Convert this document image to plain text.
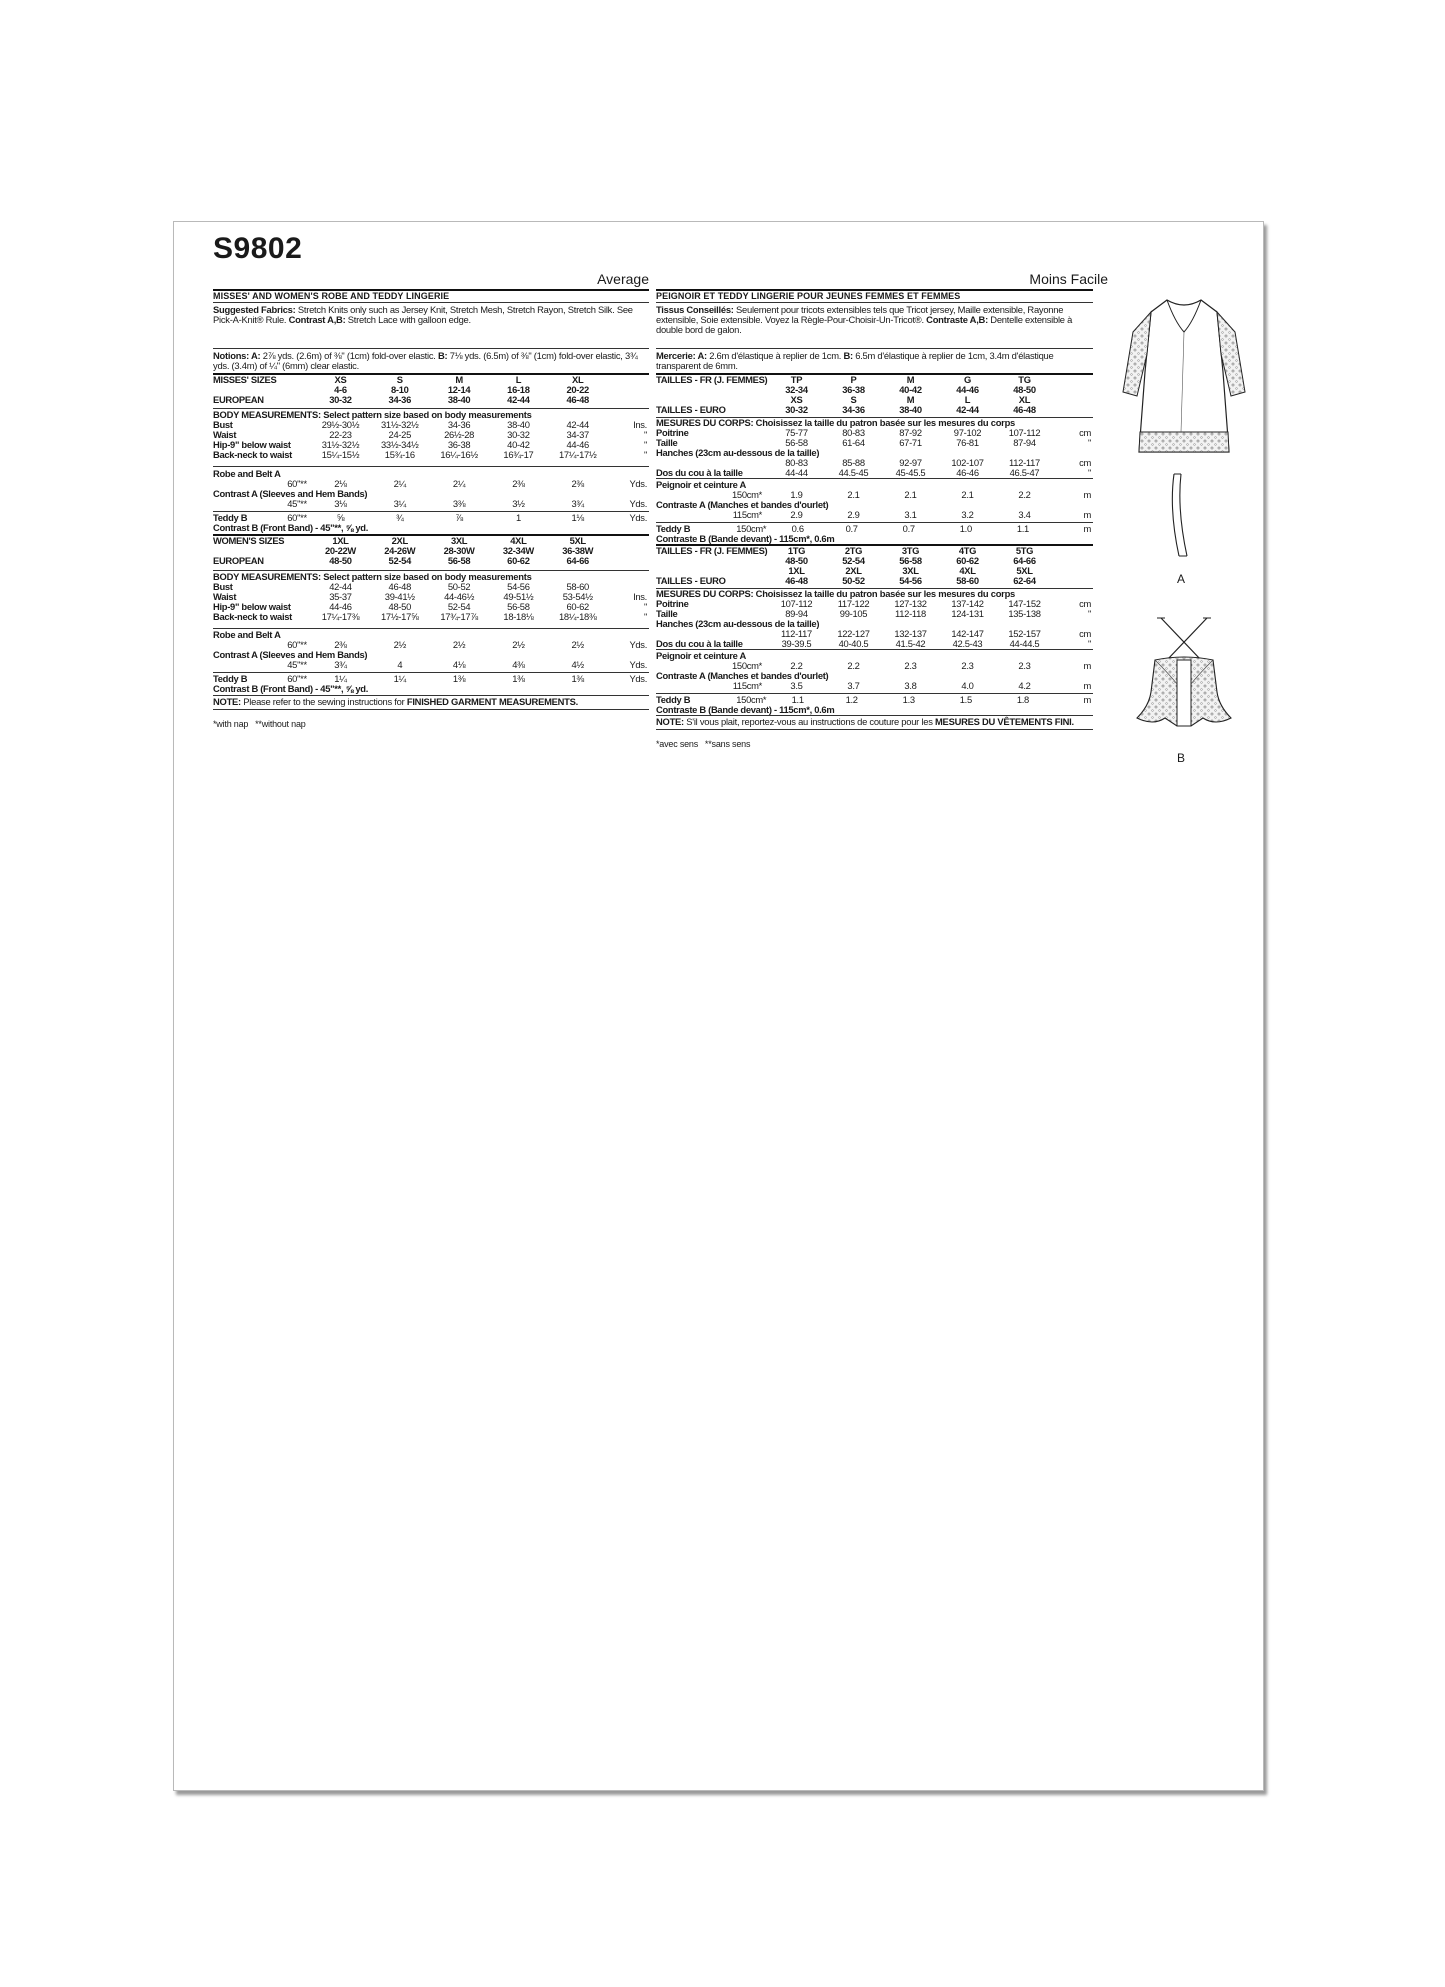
S9802
Average
MISSES' AND WOMEN'S ROBE AND TEDDY LINGERIE
Suggested Fabrics: Stretch Knits only such as Jersey Knit, Stretch Mesh, Stretch Rayon, Stretch Silk. See Pick-A-Knit® Rule. Contrast A,B: Stretch Lace with galloon edge.
Notions: A: 2⅞ yds. (2.6m) of ⅜" (1cm) fold-over elastic. B: 7⅛ yds. (6.5m) of ⅜" (1cm) fold-over elastic, 3¾ yds. (3.4m) of ¼" (6mm) clear elastic.
MISSES' SIZES	XS	S	M	L	XL	
	4-6	8-10	12-14	16-18	20-22	
EUROPEAN	30-32	34-36	38-40	42-44	46-48	
BODY MEASUREMENTS: Select pattern size based on body measurements
Bust	29½-30½	31½-32½	34-36	38-40	42-44	Ins.
Waist	22-23	24-25	26½-28	30-32	34-37	"
Hip-9" below waist	31½-32½	33½-34½	36-38	40-42	44-46	"
Back-neck to waist	15¼-15½	15¾-16	16¼-16½	16¾-17	17¼-17½	"
Robe and Belt A						
60"**	2⅛	2¼	2¼	2⅜	2⅜	Yds.
Contrast A (Sleeves and Hem Bands)						
45"**	3⅛	3¼	3⅜	3½	3¾	Yds.
Teddy B	60"**	⅝	¾	⅞	1	1⅛	Yds.
Contrast B (Front Band) - 45"**, ⅝ yd.
WOMEN'S SIZES	1XL	2XL	3XL	4XL	5XL	
	20-22W	24-26W	28-30W	32-34W	36-38W	
EUROPEAN	48-50	52-54	56-58	60-62	64-66	
BODY MEASUREMENTS: Select pattern size based on body measurements
Bust	42-44	46-48	50-52	54-56	58-60	
Waist	35-37	39-41½	44-46½	49-51½	53-54½	Ins.
Hip-9" below waist	44-46	48-50	52-54	56-58	60-62	"
Back-neck to waist	17¼-17⅜	17½-17⅝	17¾-17⅞	18-18⅛	18¼-18⅜	"
Robe and Belt A						
60"**	2⅜	2½	2½	2½	2½	Yds.
Contrast A (Sleeves and Hem Bands)						
45"**	3¾	4	4⅛	4⅜	4½	Yds.
Teddy B	60"**	1¼	1¼	1⅜	1⅜	1⅜	Yds.
Contrast B (Front Band) - 45"**, ⅝ yd.
NOTE: Please refer to the sewing instructions for FINISHED GARMENT MEASUREMENTS.
*with nap   **without nap
Moins Facile
PEIGNOIR ET TEDDY LINGERIE POUR JEUNES FEMMES ET FEMMES
Tissus Conseillés: Seulement pour tricots extensibles tels que Tricot jersey, Maille extensible, Rayonne extensible, Soie extensible. Voyez la Règle-Pour-Choisir-Un-Tricot®. Contraste A,B: Dentelle extensible à double bord de galon.
Mercerie: A: 2.6m d'élastique à replier de 1cm. B: 6.5m d'élastique à replier de 1cm, 3.4m d'élastique transparent de 6mm.
TAILLES - FR (J. FEMMES)	TP	P	M	G	TG	
	32-34	36-38	40-42	44-46	48-50	
	XS	S	M	L	XL	
TAILLES - EURO	30-32	34-36	38-40	42-44	46-48	
MESURES DU CORPS: Choisissez la taille du patron basée sur les mesures du corps
Poitrine	75-77	80-83	87-92	97-102	107-112	cm
Taille	56-58	61-64	67-71	76-81	87-94	"
Hanches (23cm au-dessous de la taille)						
	80-83	85-88	92-97	102-107	112-117	cm
Dos du cou à la taille	44-44	44.5-45	45-45.5	46-46	46.5-47	"
Peignoir et ceinture A						
150cm*	1.9	2.1	2.1	2.1	2.2	m
Contraste A (Manches et bandes d'ourlet)						
115cm*	2.9	2.9	3.1	3.2	3.4	m
Teddy B	150cm*	0.6	0.7	0.7	1.0	1.1	m
Contraste B (Bande devant) - 115cm*, 0.6m
TAILLES - FR (J. FEMMES)	1TG	2TG	3TG	4TG	5TG	
	48-50	52-54	56-58	60-62	64-66	
	1XL	2XL	3XL	4XL	5XL	
TAILLES - EURO	46-48	50-52	54-56	58-60	62-64	
MESURES DU CORPS: Choisissez la taille du patron basée sur les mesures du corps
Poitrine	107-112	117-122	127-132	137-142	147-152	cm
Taille	89-94	99-105	112-118	124-131	135-138	"
Hanches (23cm au-dessous de la taille)						
	112-117	122-127	132-137	142-147	152-157	cm
Dos du cou à la taille	39-39.5	40-40.5	41.5-42	42.5-43	44-44.5	"
Peignoir et ceinture A						
150cm*	2.2	2.2	2.3	2.3	2.3	m
Contraste A (Manches et bandes d'ourlet)						
115cm*	3.5	3.7	3.8	4.0	4.2	m
Teddy B	150cm*	1.1	1.2	1.3	1.5	1.8	m
Contraste B (Bande devant) - 115cm*, 0.6m
NOTE: S'il vous plait, reportez-vous au instructions de couture pour les MESURES DU VÊTEMENTS FINI.
*avec sens   **sans sens
A
B
